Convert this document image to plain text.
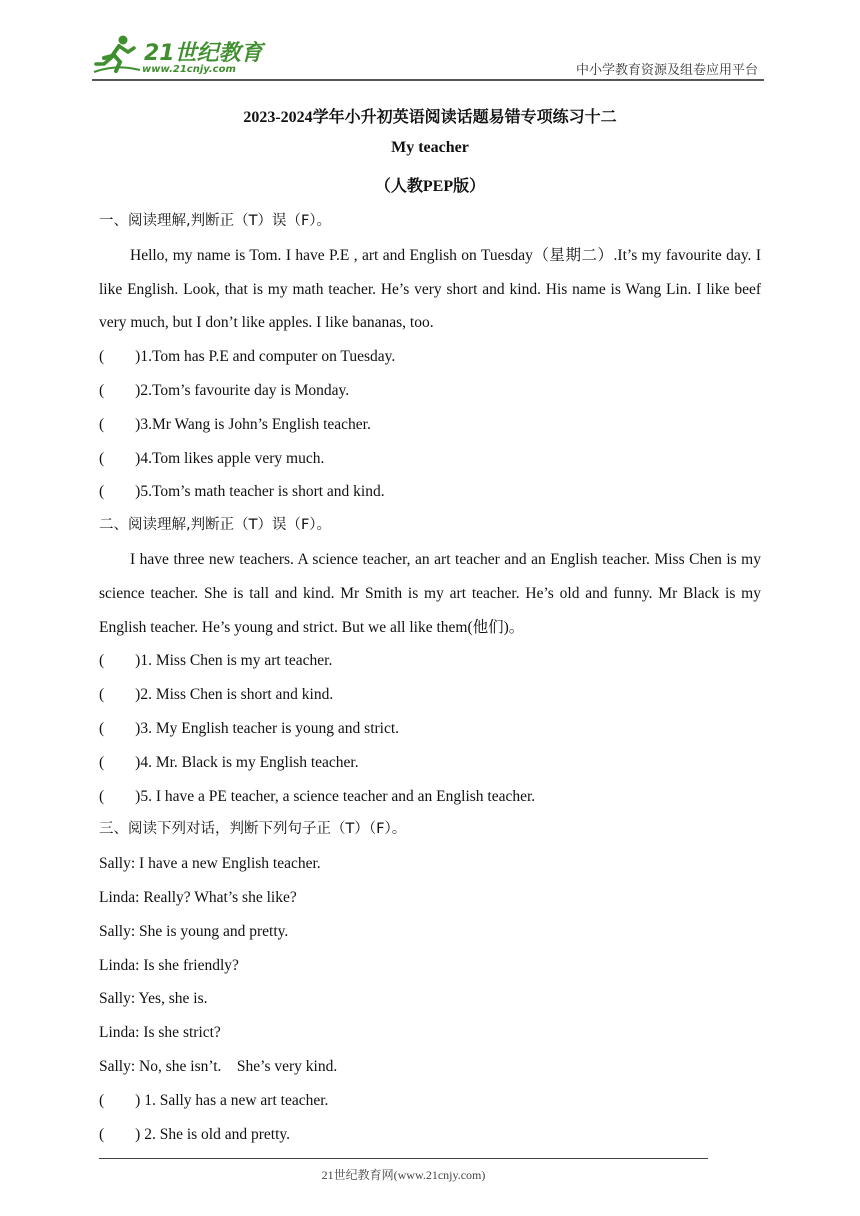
21世纪教育
www.21cnjy.com	中小学教育资源及组卷应用平台
2023-2024学年小升初英语阅读话题易错专项练习十二
My teacher
（人教PEP版）
一、阅读理解,判断正（T）误（F）。
Hello, my name is Tom. I have P.E , art and English on Tuesday（星期二）.It’s my favourite day. I like English. Look, that is my math teacher. He’s very short and kind. His name is Wang Lin. I like beef very much, but I don’t like apples. I like bananas, too.
(        )1.Tom has P.E and computer on Tuesday.
(        )2.Tom’s favourite day is Monday.
(        )3.Mr Wang is John’s English teacher.
(        )4.Tom likes apple very much.
(        )5.Tom’s math teacher is short and kind.
二、阅读理解,判断正（T）误（F）。
I have three new teachers. A science teacher, an art teacher and an English teacher. Miss Chen is my science teacher. She is tall and kind. Mr Smith is my art teacher. He’s old and funny. Mr Black is my English teacher. He’s young and strict. But we all like them(他们)。
(        )1. Miss Chen is my art teacher.
(        )2. Miss Chen is short and kind.
(        )3. My English teacher is young and strict.
(        )4. Mr. Black is my English teacher.
(        )5. I have a PE teacher, a science teacher and an English teacher.
三、阅读下列对话，判断下列句子正（T）（F）。
Sally: I have a new English teacher.
Linda: Really? What’s she like?
Sally: She is young and pretty.
Linda: Is she friendly?
Sally: Yes, she is.
Linda: Is she strict?
Sally: No, she isn’t.    She’s very kind.
(        ) 1. Sally has a new art teacher.
(        ) 2. She is old and pretty.
21世纪教育网(www.21cnjy.com)
